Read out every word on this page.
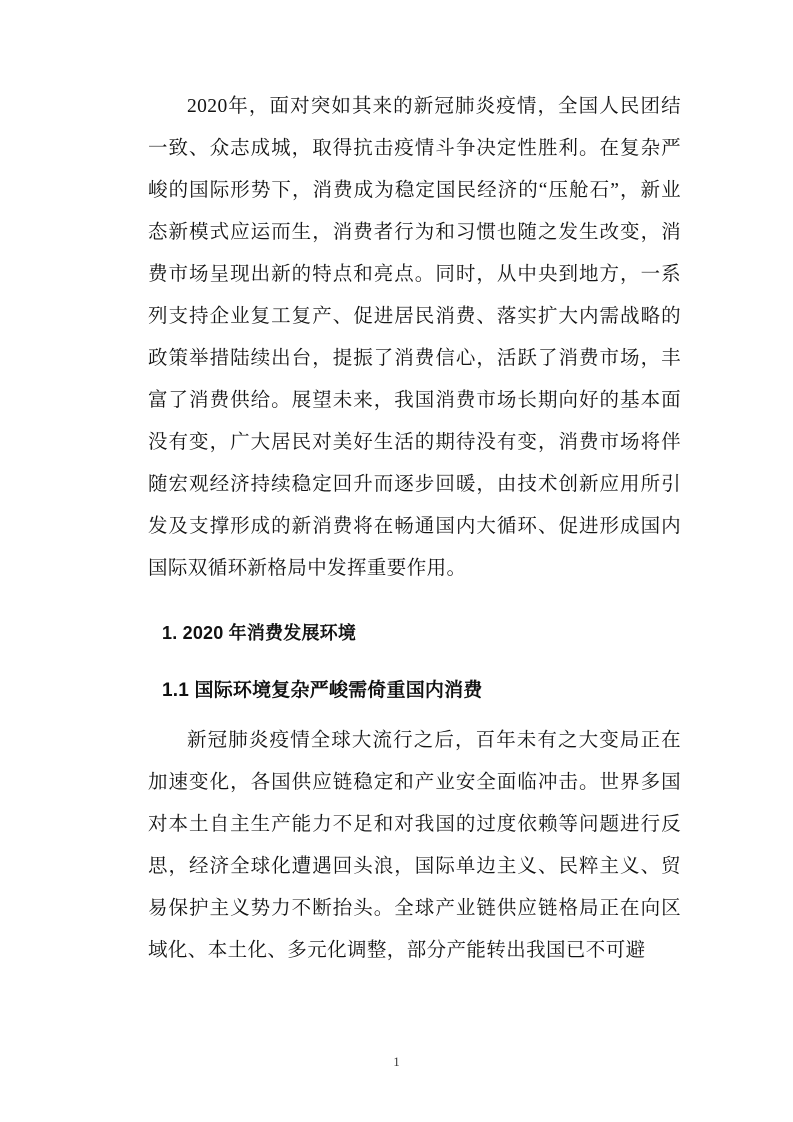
2020年，面对突如其来的新冠肺炎疫情，全国人民团结一致、众志成城，取得抗击疫情斗争决定性胜利。在复杂严峻的国际形势下，消费成为稳定国民经济的“压舱石”，新业态新模式应运而生，消费者行为和习惯也随之发生改变，消费市场呈现出新的特点和亮点。同时，从中央到地方，一系列支持企业复工复产、促进居民消费、落实扩大内需战略的政策举措陆续出台，提振了消费信心，活跃了消费市场，丰富了消费供给。展望未来，我国消费市场长期向好的基本面没有变，广大居民对美好生活的期待没有变，消费市场将伴随宏观经济持续稳定回升而逐步回暖，由技术创新应用所引发及支撑形成的新消费将在畅通国内大循环、促进形成国内国际双循环新格局中发挥重要作用。

1. 2020 年消费发展环境
1.1 国际环境复杂严峻需倚重国内消费

新冠肺炎疫情全球大流行之后，百年未有之大变局正在加速变化，各国供应链稳定和产业安全面临冲击。世界多国对本土自主生产能力不足和对我国的过度依赖等问题进行反思，经济全球化遭遇回头浪，国际单边主义、民粹主义、贸易保护主义势力不断抬头。全球产业链供应链格局正在向区域化、本土化、多元化调整，部分产能转出我国已不可避

1
